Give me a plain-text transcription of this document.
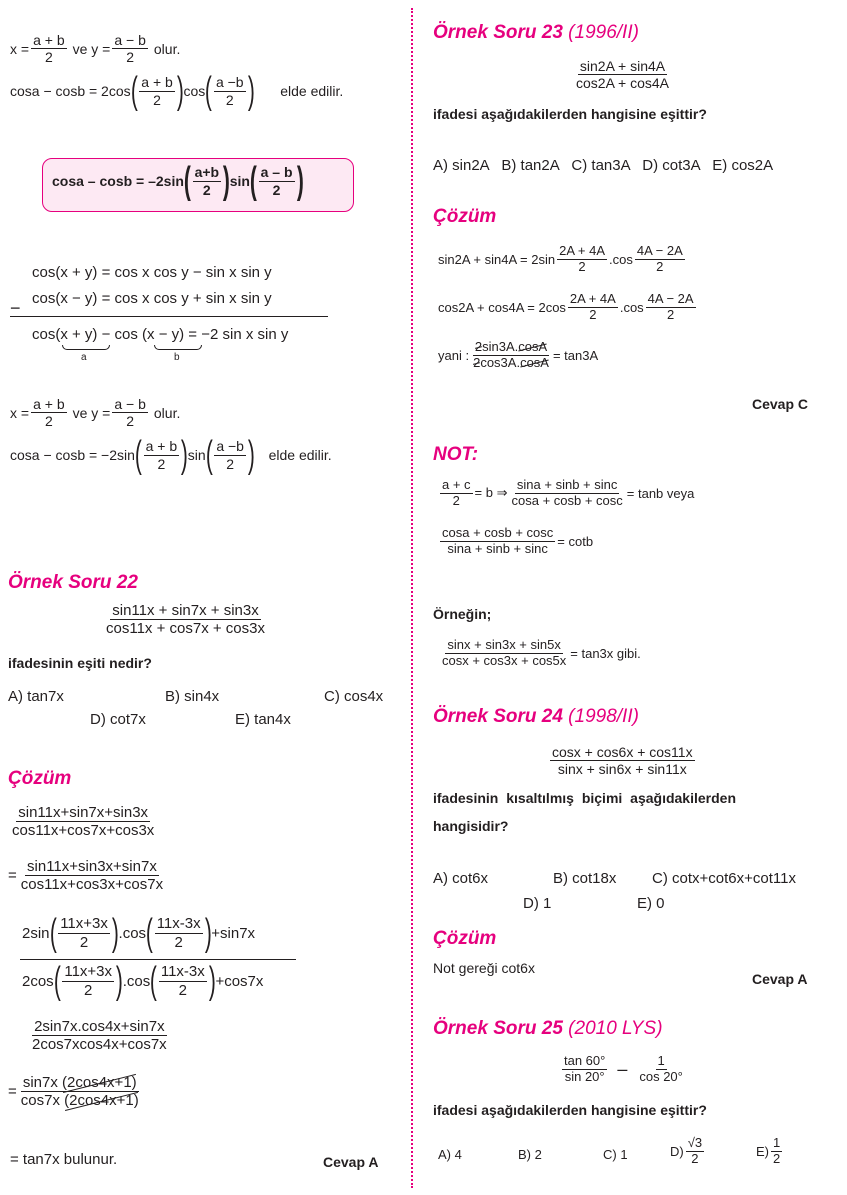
$x = \frac{a + b}{2}$ ve $y = \frac{a - b}{2}$ olur.
cosa − cosb = 2cos ( $\frac{a + b}{2}$ ) cos ( $\frac{a -b}{2}$ ) elde edilir.
cosa – cosb = –2sin ( $\frac{a+b}{2}$ ) sin ( $\frac{a - b}{2}$ )
cos(x + y) = cos x cos y − sin x sin y
cos(x − y) = cos x cos y + sin x sin y
−
cos(x + y) − cos (x − y) = −2 sin x sin y
a	b
$x = \frac{a + b}{2}$ ve $y = \frac{a - b}{2}$ olur.
cosa − cosb = −2sin ( $\frac{a + b}{2}$ ) sin ( $\frac{a -b}{2}$ ) elde edilir.
Örnek Soru 22
$\frac{\sin 11x + \sin 7x + \sin 3x}{\cos 11x + \cos 7x + \cos 3x}$
ifadesinin eşiti nedir?
A) tan7x	B) sin4x	C) cos4x
D) cot7x	E) tan4x
Çözüm
$\frac{\sin 11x+\sin 7x+\sin 3x}{\cos 11x+\cos 7x+\cos 3x}$
= $\frac{\sin 11x+\sin 3x+\sin 7x}{\cos 11x+\cos 3x+\cos 7x}$
2sin ( $\frac{11x+3x}{2}$ ) .cos ( $\frac{11x-3x}{2}$ ) +sin7x
2cos ( $\frac{11x+3x}{2}$ ) .cos ( $\frac{11x-3x}{2}$ ) +cos7x
$\frac{2\sin 7x.\cos 4x+\sin 7x}{2\cos 7xcos4x+\cos 7x}$
= $\frac{\sin 7x (2\cos 4x+1)}{\cos 7x (2\cos 4x+1)}$
= tan7x bulunur.	Cevap A
Örnek Soru 23 (1996/II)
$\frac{\sin 2A + \sin 4A}{\cos 2A + \cos 4A}$
ifadesi aşağıdakilerden hangisine eşittir?
A) sin2A   B) tan2A   C) tan3A   D) cot3A   E) cos2A
Çözüm
$\sin 2A + \sin 4A = 2\sin \frac{2A + 4A}{2} .\cos \frac{4A - 2A}{2}$
$\cos 2A + \cos 4A = 2\cos \frac{2A + 4A}{2} .\cos \frac{4A - 2A}{2}$
yani : $\frac{2\sin 3A.\cos A}{2\cos 3A.\cos A} = \tan 3A$
Cevap C
NOT:
$\frac{a + c}{2} = b$ ⇒ $\frac{\sin a + \sin b + \sin c}{\cos a + \cos b + \cos c} = \tan b$ veya
$\frac{\cos a + \cos b + \cos c}{\sin a + \sin b + \sin c} = \cot b$
Örneğin;
$\frac{\sin x + \sin 3x + \sin 5x}{\cos x + \cos 3x + \cos 5x} = \tan 3x$ gibi.
Örnek Soru 24 (1998/II)
$\frac{\cos x + \cos 6x + \cos 11x}{\sin x + \sin 6x + \sin 11x}$
ifadesinin kısaltılmış biçimi aşağıdakilerden
hangisidir?
A) cot6x	B) cot18x C) cotx+cot6x+cot11x
D) 1	E) 0
Çözüm
Not gereği cot6x
Cevap A
Örnek Soru 25 (2010 LYS)
$\frac{\tan 60^\circ}{\sin 20^\circ} - \frac{1}{\cos 20^\circ}$
ifadesi aşağıdakilerden hangisine eşittir?
A) 4	B) 2	C) 1	$D) \frac{√3}{2}$	$E) \frac{1}{2}$
